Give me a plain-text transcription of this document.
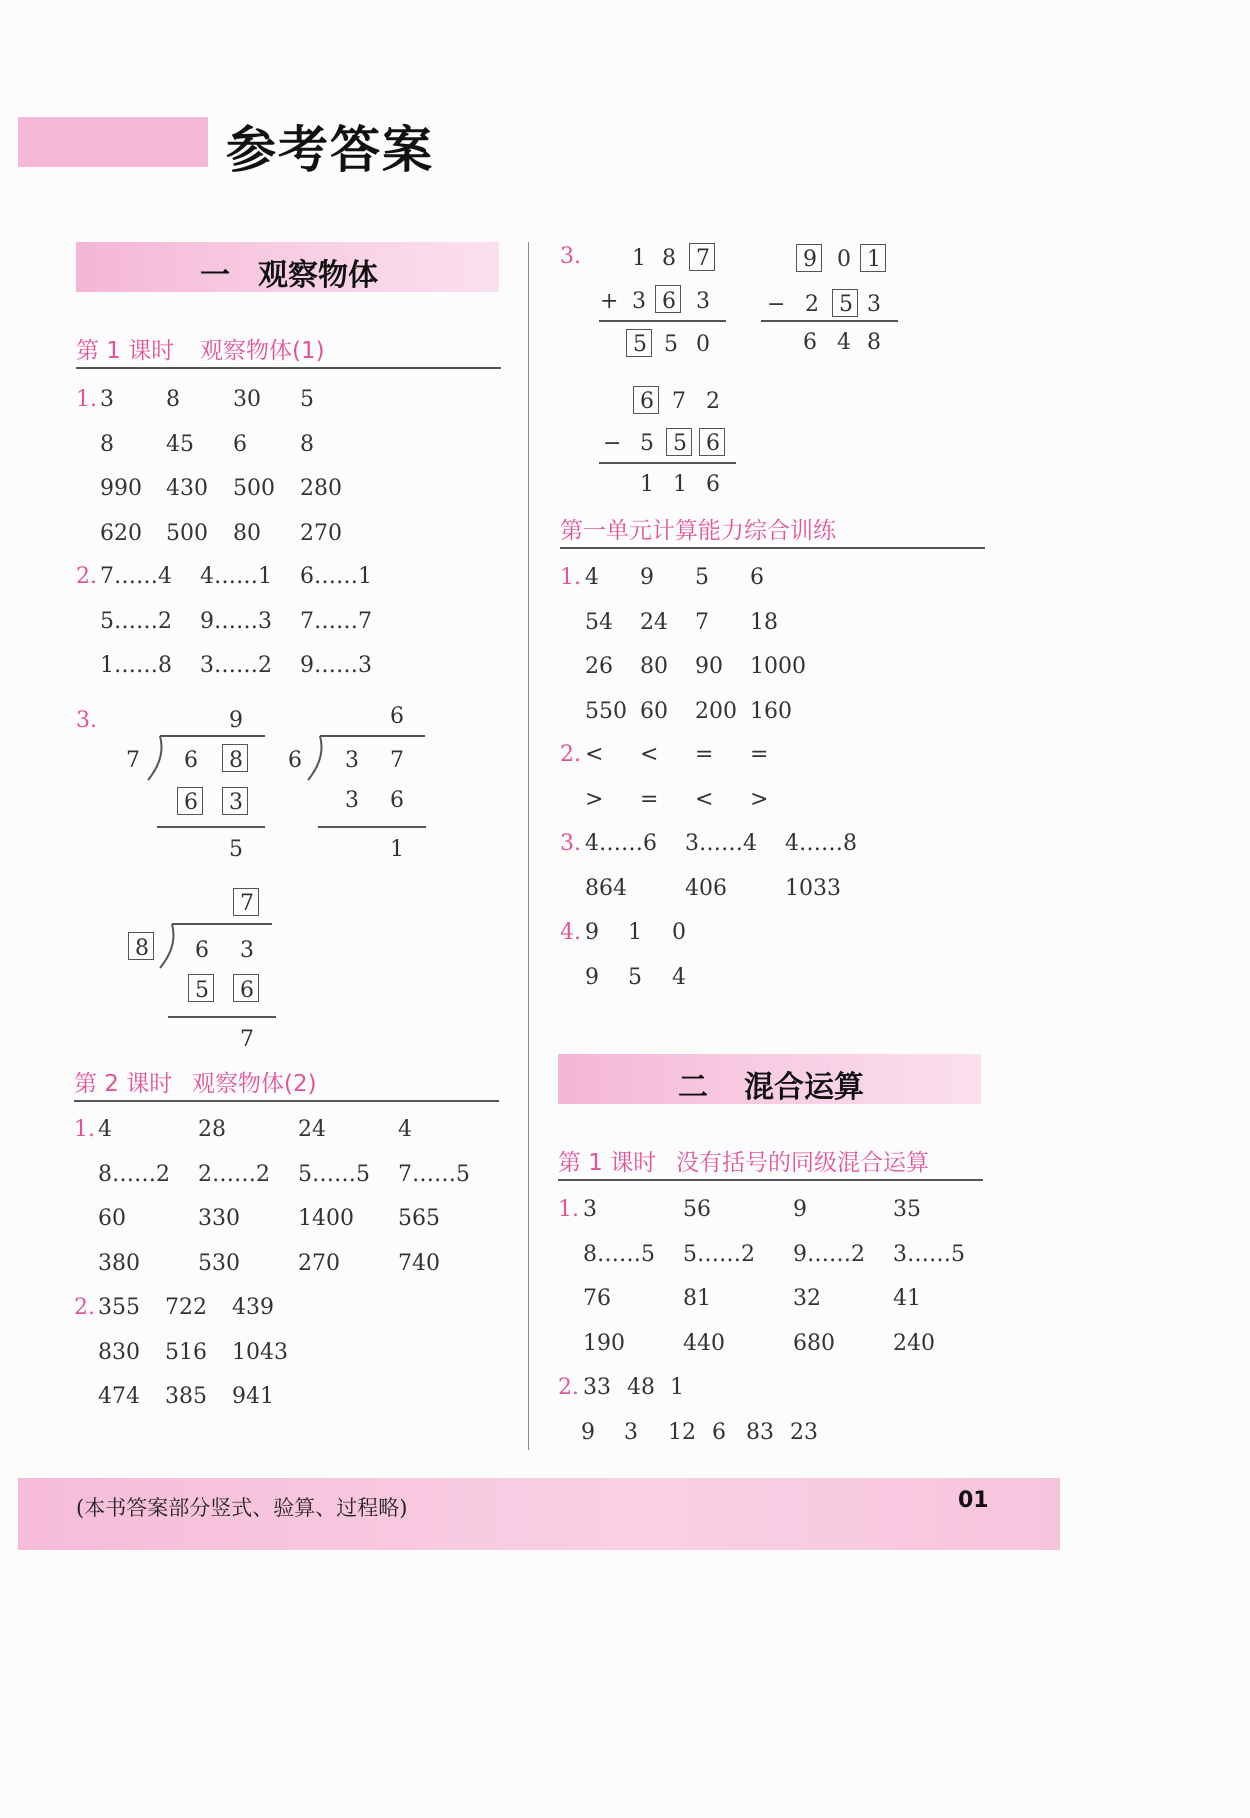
参考答案
一 观察物体
第 1 课时 观察物体(1)
1. 3 8 30 5
8 45 6 8
990 430 500 280
620 500 80 270
2. 7……4 4……1 6……1
5……2 9……3 7……7
1……8 3……2 9……3
3.	9
7 6 8
6 3
5
6
6 3 7
3 6
1
7
8 6 3
5 6
7
第 2 课时 观察物体(2)
1. 4	28	24	4
8……2 2……2 5……5 7……5
60	330	1400 565
380	530	270	740
2. 355 722 439
830 516 1043
474 385 941
3. 1 8 7
+ 3 6 3
5 5 0
9 0 1
− 2 5 3
6 4 8
6 7 2
− 5 5 6
1 1 6
第一单元计算能力综合训练
1. 4 9 5 6
54 24 7 18
26 80 90 1000
550 60 200 160
2. < < = =
> = < >
3. 4……6 3……4 4……8
864	406	1033
4. 9 1 0
9 5 4
二 混合运算
第 1 课时 没有括号的同级混合运算
1. 3	56	9	35
8……5 5……2 9……2 3……5
76	81	32	41
190	440	680	240
2. 33 48 1
9 3 12 6 83 23
(本书答案部分竖式、验算、过程略)	01
